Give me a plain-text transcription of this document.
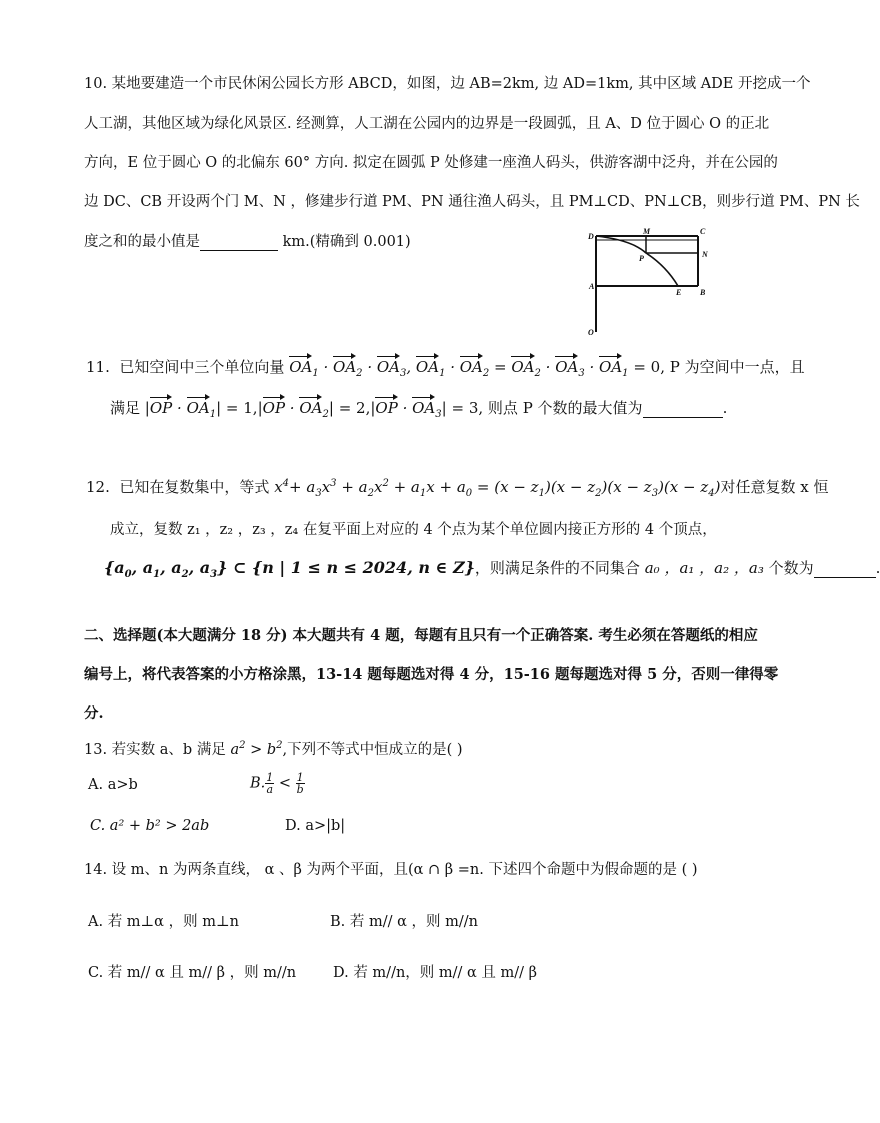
10. 某地要建造一个市民休闲公园长方形 ABCD，如图，边 AB=2km, 边 AD=1km, 其中区域 ADE 开挖成一个
人工湖，其他区域为绿化风景区. 经测算，人工湖在公园内的边界是一段圆弧，且 A、D 位于圆心 O 的正北
方向，E 位于圆心 O 的北偏东 60° 方向. 拟定在圆弧 P 处修建一座渔人码头，供游客湖中泛舟，并在公园的
边 DC、CB 开设两个门 M、N ，修建步行道 PM、PN 通往渔人码头，且 PM⊥CD、PN⊥CB，则步行道 PM、PN 长
度之和的最小值是	km.(精确到 0.001)	D
M	C
P	N
A
E B
O
11. 已知空间中三个单位向量 $OA_1 \cdot OA_2 \cdot OA_3$, $OA_1 \cdot OA_2 = OA_2 \cdot OA_3 \cdot OA_1 = 0$, P 为空间中一点，且
满足 $|OP \cdot OA_1| = 1,|OP \cdot OA_2| = 2,|OP \cdot OA_3| = 3$, 则点 P 个数的最大值为	.
12. 已知在复数集中，等式 $x^4+ a_3x^3 + a_2x^2 + a_1x + a_0 = (x - z_1)(x - z_2)(x - z_3)(x - z_4)$对任意复数 x 恒
成立，复数 z₁ ，z₂ ，z₃ ，z₄ 在复平面上对应的 4 个点为某个单位圆内接正方形的 4 个顶点，
{$a_0$, $a_1$, $a_2$, $a_3$} ⊂ {n | 1 ≤ n ≤ 2024, n ∈ Z}，则满足条件的不同集合 a₀ ，a₁ ，a₂ ，a₃ 个数为	.
二、选择题(本大题满分 18 分) 本大题共有 4 题，每题有且只有一个正确答案. 考生必须在答题纸的相应
编号上，将代表答案的小方格涂黑，13-14 题每题选对得 4 分，15-16 题每题选对得 5 分，否则一律得零
分.
13. 若实数 a、b 满足 $a^2 > b^2$,下列不等式中恒成立的是( )
A. a>b	B. $\frac{1}{a} < \frac{1}{b}$
C. a² + b² > 2ab	D. a>|b|
14. 设 m、n 为两条直线， α 、β 为两个平面，且(α ∩ β =n. 下述四个命题中为假命题的是 ( )
A. 若 m⊥α ，则 m⊥n	B. 若 m// α ，则 m//n
C. 若 m// α 且 m// β ，则 m//n	D. 若 m//n，则 m// α 且 m// β
